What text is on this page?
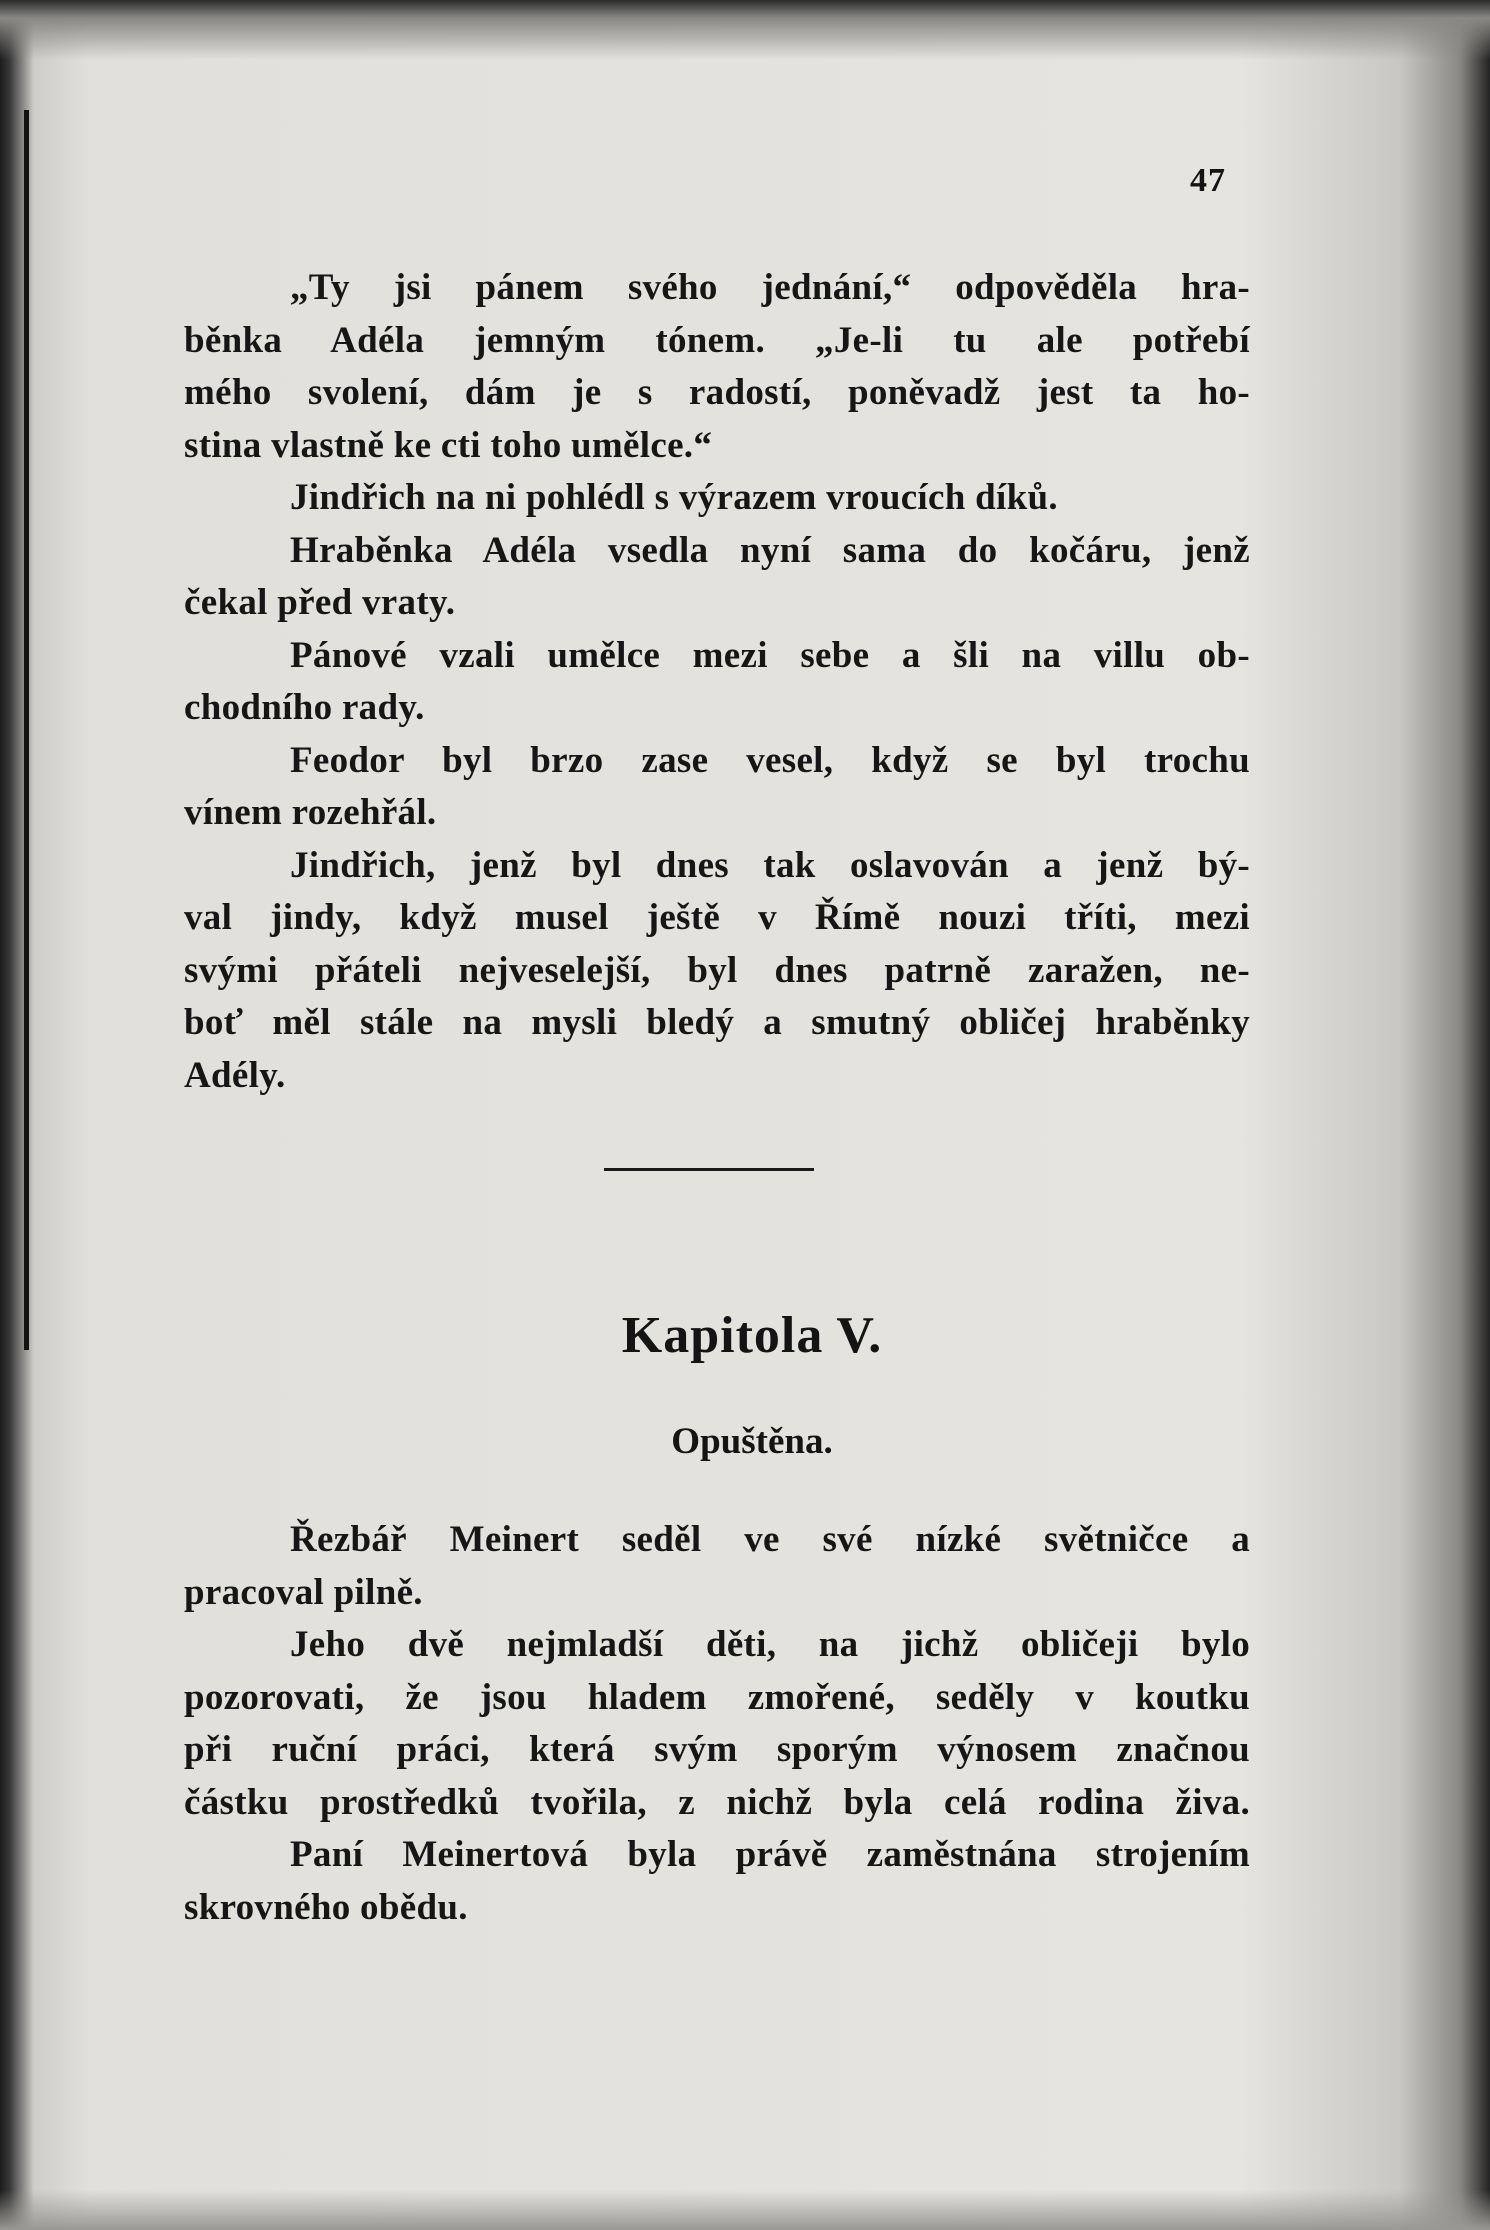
47
„Ty jsi pánem svého jednání,“ odpověděla hra-
běnka Adéla jemným tónem. „Je-li tu ale potřebí
mého svolení, dám je s radostí, poněvadž jest ta ho-
stina vlastně ke cti toho umělce.“
Jindřich na ni pohlédl s výrazem vroucích díků.
Hraběnka Adéla vsedla nyní sama do kočáru, jenž
čekal před vraty.
Pánové vzali umělce mezi sebe a šli na villu ob-
chodního rady.
Feodor byl brzo zase vesel, když se byl trochu
vínem rozehřál.
Jindřich, jenž byl dnes tak oslavován a jenž bý-
val jindy, když musel ještě v Římě nouzi tříti, mezi
svými přáteli nejveselejší, byl dnes patrně zaražen, ne-
boť měl stále na mysli bledý a smutný obličej hraběnky
Adély.
Kapitola V.
Opuštěna.
Řezbář Meinert seděl ve své nízké světničce a
pracoval pilně.
Jeho dvě nejmladší děti, na jichž obličeji bylo
pozorovati, že jsou hladem zmořené, seděly v koutku
při ruční práci, která svým sporým výnosem značnou
částku prostředků tvořila, z nichž byla celá rodina živa.
Paní Meinertová byla právě zaměstnána strojením
skrovného obědu.
